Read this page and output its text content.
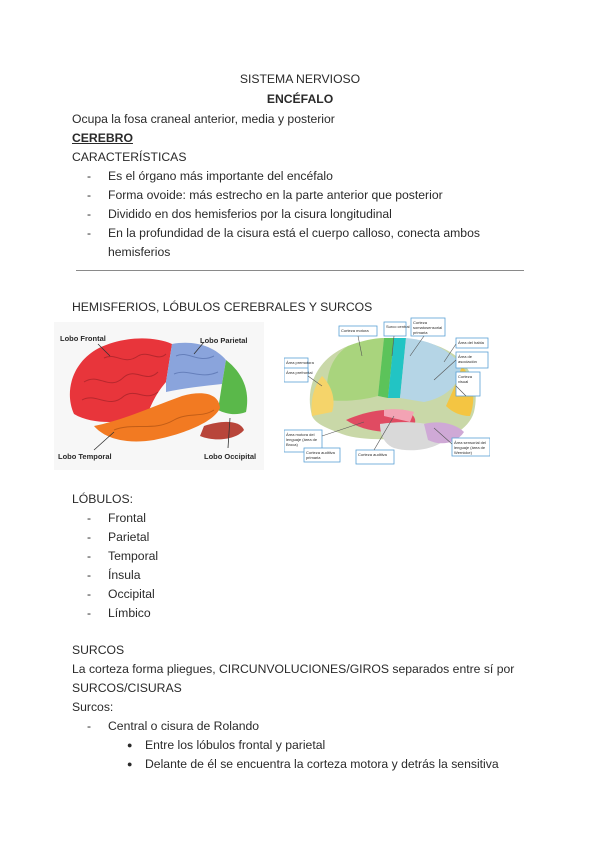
SISTEMA NERVIOSO
ENCÉFALO
Ocupa la fosa craneal anterior, media y posterior
CEREBRO
CARACTERÍSTICAS
- Es el órgano más importante del encéfalo
- Forma ovoide: más estrecho en la parte anterior que posterior
- Dividido en dos hemisferios por la cisura longitudinal
- En la profundidad de la cisura está el cuerpo calloso, conecta ambos
hemisferios
HEMISFERIOS, LÓBULOS CEREBRALES Y SURCOS
Lobo Frontal	Lobo Parietal
Lobo Temporal	Lobo Occipital
Corteza motora
Surco central
Corteza somatosensorial primaria
Área del habla
Área de asociación
Corteza visual
Área premotora
Área prefrontal
Área motora del lenguaje (área de Broca)
Corteza auditiva
Corteza auditiva primaria
Área sensorial del lenguaje (área de Wernicke)
LÓBULOS:
- Frontal
- Parietal
- Temporal
- Ínsula
- Occipital
- Límbico
SURCOS
La corteza forma pliegues, CIRCUNVOLUCIONES/GIROS separados entre sí por
SURCOS/CISURAS
Surcos:
- Central o cisura de Rolando
● Entre los lóbulos frontal y parietal
● Delante de él se encuentra la corteza motora y detrás la sensitiva
